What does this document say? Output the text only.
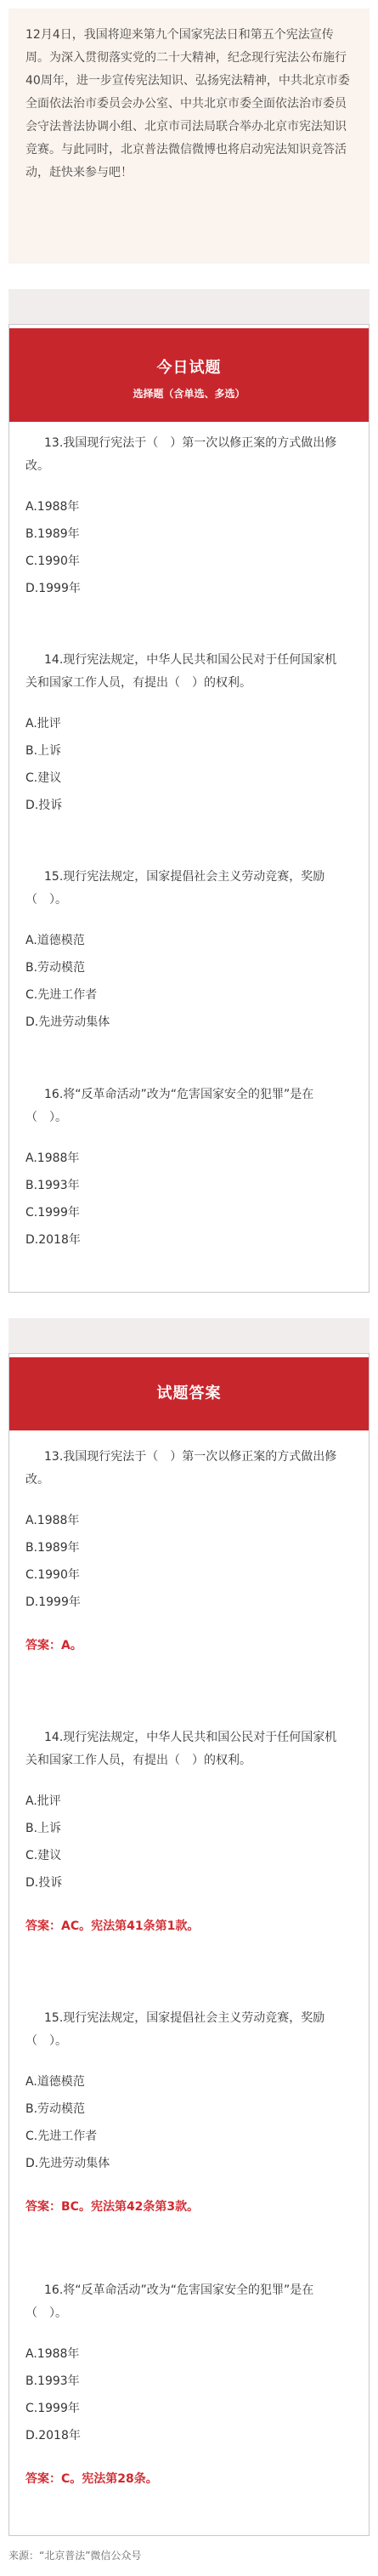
12月4日，我国将迎来第九个国家宪法日和第五个宪法宣传周。为深入贯彻落实党的二十大精神，纪念现行宪法公布施行40周年，进一步宣传宪法知识、弘扬宪法精神，中共北京市委全面依法治市委员会办公室、中共北京市委全面依法治市委员会守法普法协调小组、北京市司法局联合举办北京市宪法知识竞赛。与此同时，北京普法微信微博也将启动宪法知识竞答活动，赶快来参与吧！

今日试题
选择题（含单选、多选）

13.我国现行宪法于（　）第一次以修正案的方式做出修改。

A.1988年

B.1989年

C.1990年

D.1999年

14.现行宪法规定，中华人民共和国公民对于任何国家机关和国家工作人员，有提出（　）的权利。

A.批评

B.上诉

C.建议

D.投诉

15.现行宪法规定，国家提倡社会主义劳动竞赛，奖励（　）。

A.道德模范

B.劳动模范

C.先进工作者

D.先进劳动集体

16.将“反革命活动”改为“危害国家安全的犯罪”是在（　）。

A.1988年

B.1993年

C.1999年

D.2018年

试题答案

13.我国现行宪法于（　）第一次以修正案的方式做出修改。

A.1988年

B.1989年

C.1990年

D.1999年

答案：A。

14.现行宪法规定，中华人民共和国公民对于任何国家机关和国家工作人员，有提出（　）的权利。

A.批评

B.上诉

C.建议

D.投诉

答案：AC。宪法第41条第1款。

15.现行宪法规定，国家提倡社会主义劳动竞赛，奖励（　）。

A.道德模范

B.劳动模范

C.先进工作者

D.先进劳动集体

答案：BC。宪法第42条第3款。

16.将“反革命活动”改为“危害国家安全的犯罪”是在（　）。

A.1988年

B.1993年

C.1999年

D.2018年

答案：C。宪法第28条。

来源：“北京普法”微信公众号
